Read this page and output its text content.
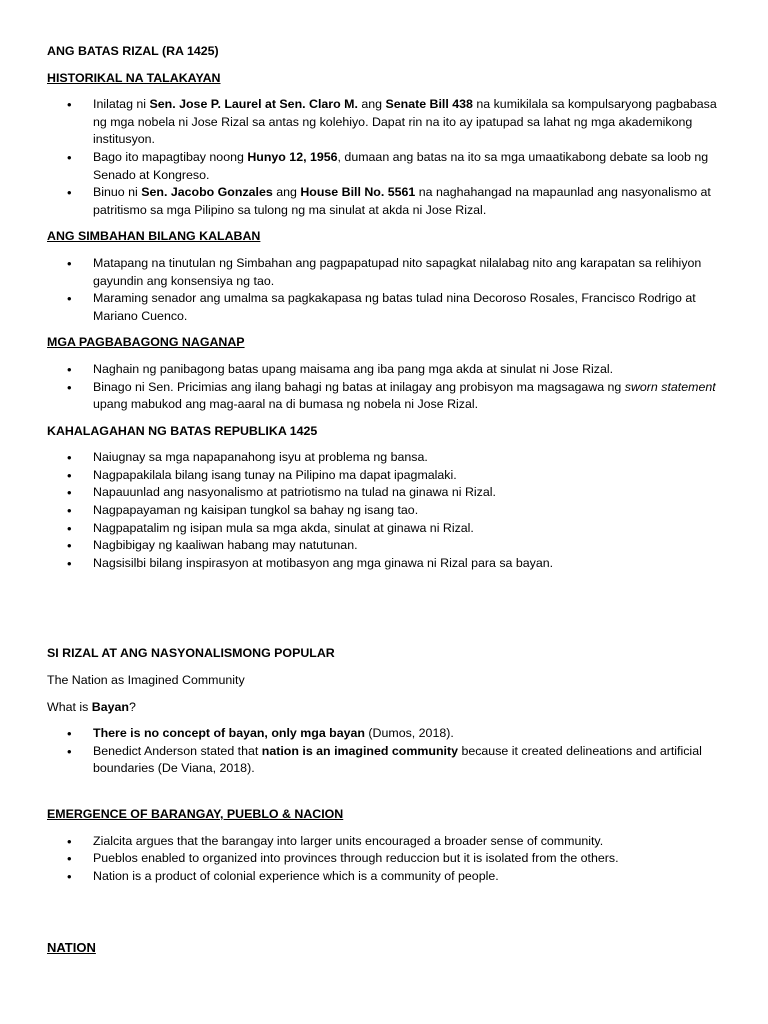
ANG BATAS RIZAL (RA 1425)

HISTORIKAL NA TALAKAYAN

• Inilatag ni Sen. Jose P. Laurel at Sen. Claro M. ang Senate Bill 438 na kumikilala sa kompulsaryong pagbabasa ng mga nobela ni Jose Rizal sa antas ng kolehiyo. Dapat rin na ito ay ipatupad sa lahat ng mga akademikong institusyon.
• Bago ito mapagtibay noong Hunyo 12, 1956, dumaan ang batas na ito sa mga umaatikabong debate sa loob ng Senado at Kongreso.
• Binuo ni Sen. Jacobo Gonzales ang House Bill No. 5561 na naghahangad na mapaunlad ang nasyonalismo at patritismo sa mga Pilipino sa tulong ng ma sinulat at akda ni Jose Rizal.

ANG SIMBAHAN BILANG KALABAN

• Matapang na tinutulan ng Simbahan ang pagpapatupad nito sapagkat nilalabag nito ang karapatan sa relihiyon gayundin ang konsensiya ng tao.
• Maraming senador ang umalma sa pagkakapasa ng batas tulad nina Decoroso Rosales, Francisco Rodrigo at Mariano Cuenco.

MGA PAGBABAGONG NAGANAP

• Naghain ng panibagong batas upang maisama ang iba pang mga akda at sinulat ni Jose Rizal.
• Binago ni Sen. Pricimias ang ilang bahagi ng batas at inilagay ang probisyon ma magsagawa ng sworn statement upang mabukod ang mag-aaral na di bumasa ng nobela ni Jose Rizal.

KAHALAGAHAN NG BATAS REPUBLIKA 1425

• Naiugnay sa mga napapanahong isyu at problema ng bansa.
• Nagpapakilala bilang isang tunay na Pilipino ma dapat ipagmalaki.
• Napauunlad ang nasyonalismo at patriotismo na tulad na ginawa ni Rizal.
• Nagpapayaman ng kaisipan tungkol sa bahay ng isang tao.
• Nagpapatalim ng isipan mula sa mga akda, sinulat at ginawa ni Rizal.
• Nagbibigay ng kaaliwan habang may natutunan.
• Nagsisilbi bilang inspirasyon at motibasyon ang mga ginawa ni Rizal para sa bayan.

SI RIZAL AT ANG NASYONALISMONG POPULAR

The Nation as Imagined Community

What is Bayan?

• There is no concept of bayan, only mga bayan (Dumos, 2018).
• Benedict Anderson stated that nation is an imagined community because it created delineations and artificial boundaries (De Viana, 2018).

EMERGENCE OF BARANGAY, PUEBLO & NACION

• Zialcita argues that the barangay into larger units encouraged a broader sense of community.
• Pueblos enabled to organized into provinces through reduccion but it is isolated from the others.
• Nation is a product of colonial experience which is a community of people.

NATION
